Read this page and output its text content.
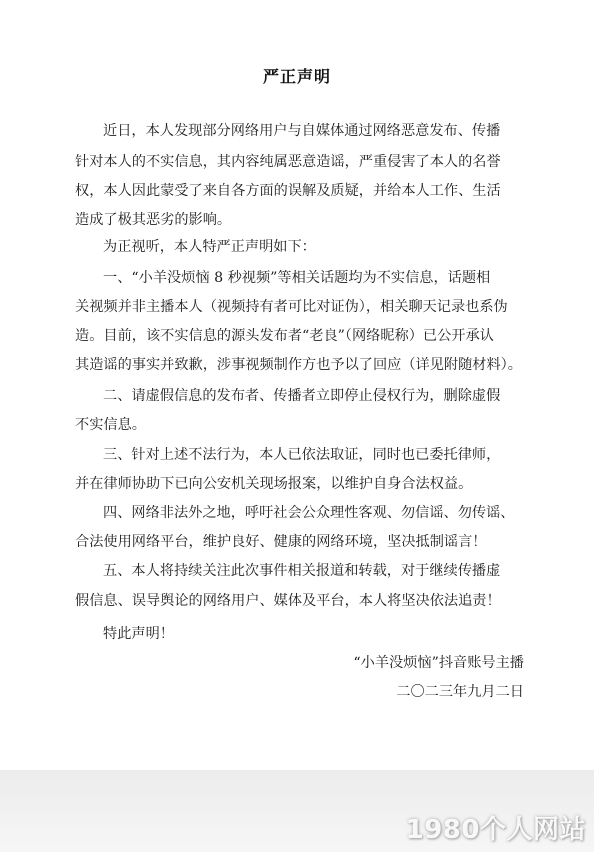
严正声明
近日，本人发现部分网络用户与自媒体通过网络恶意发布、传播
针对本人的不实信息，其内容纯属恶意造谣，严重侵害了本人的名誉
权，本人因此蒙受了来自各方面的误解及质疑，并给本人工作、生活
造成了极其恶劣的影响。
为正视听，本人特严正声明如下：
一、“小羊没烦恼 8 秒视频”等相关话题均为不实信息，话题相
关视频并非主播本人（视频持有者可比对证伪），相关聊天记录也系伪
造。目前，该不实信息的源头发布者“老良”（网络昵称）已公开承认
其造谣的事实并致歉，涉事视频制作方也予以了回应（详见附随材料）。
二、请虚假信息的发布者、传播者立即停止侵权行为，删除虚假
不实信息。
三、针对上述不法行为，本人已依法取证，同时也已委托律师，
并在律师协助下已向公安机关现场报案，以维护自身合法权益。
四、网络非法外之地，呼吁社会公众理性客观、勿信谣、勿传谣、
合法使用网络平台，维护良好、健康的网络环境，坚决抵制谣言！
五、本人将持续关注此次事件相关报道和转载，对于继续传播虚
假信息、误导舆论的网络用户、媒体及平台，本人将坚决依法追责！
特此声明！
“小羊没烦恼”抖音账号主播
二〇二三年九月二日
1980个人网站
